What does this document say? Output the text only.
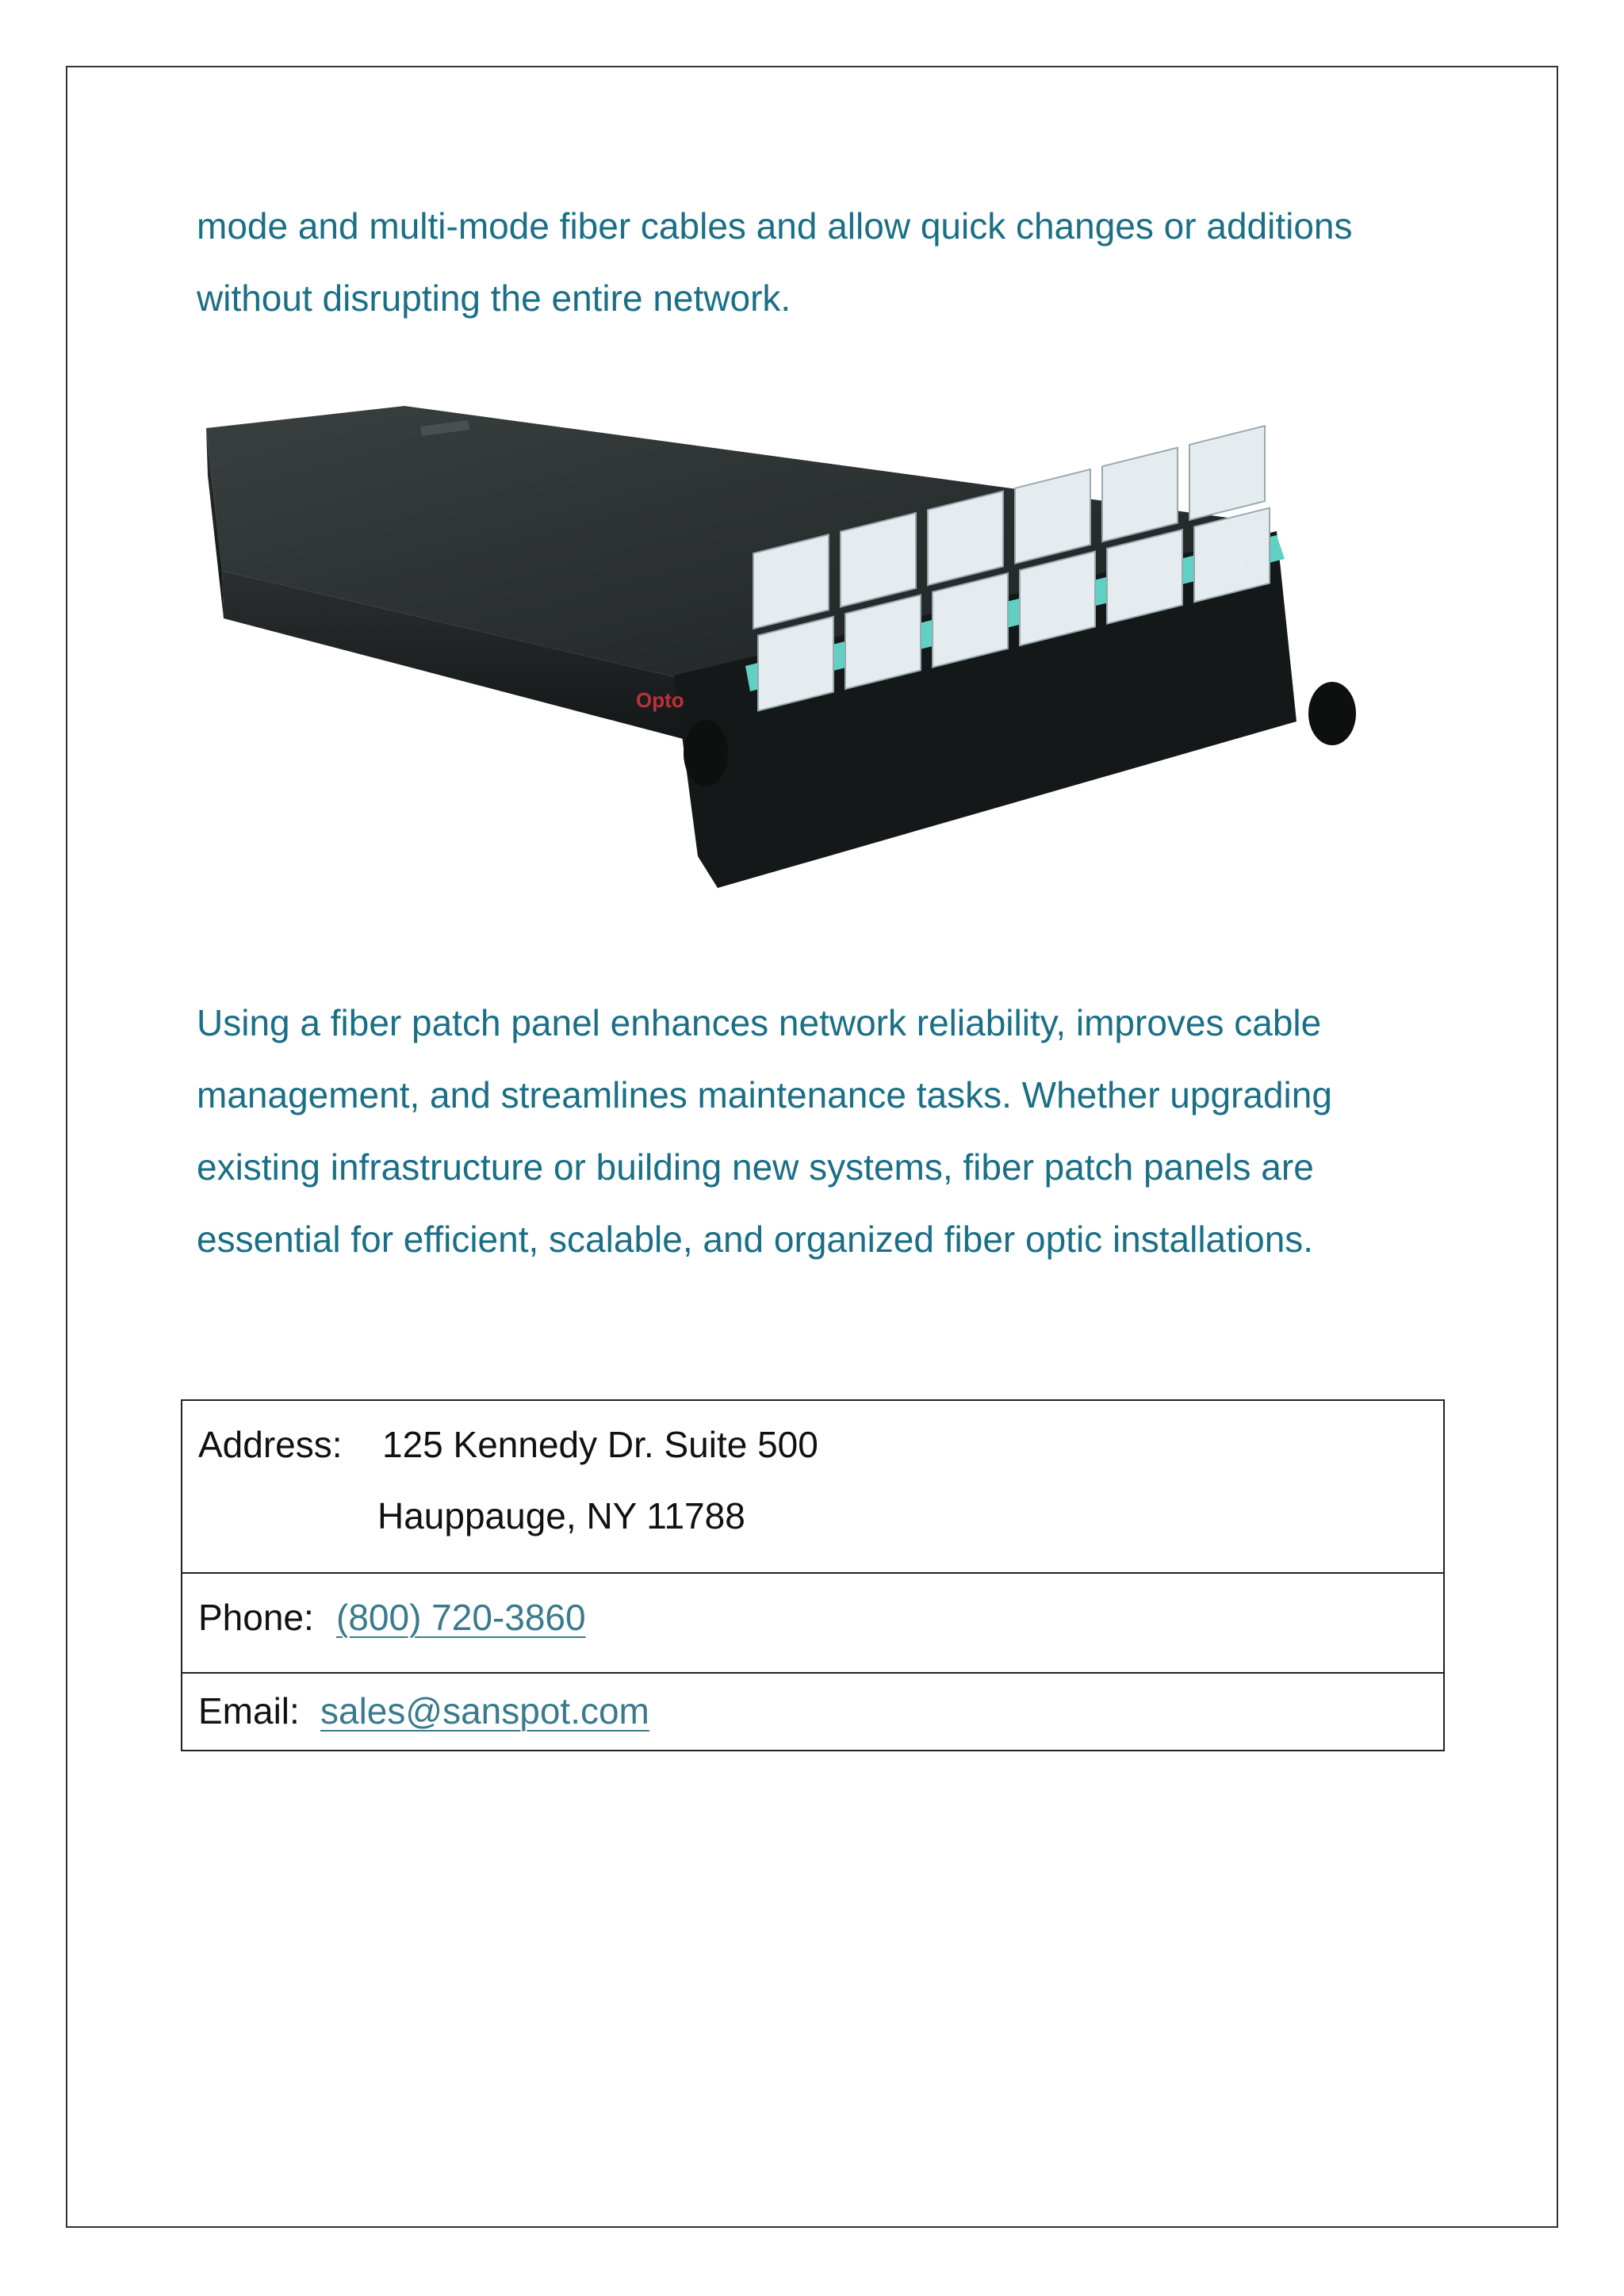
mode and multi-mode fiber cables and allow quick changes or additions without disrupting the entire network.

Opto
4
8
12
16
20
24

Using a fiber patch panel enhances network reliability, improves cable management, and streamlines maintenance tasks. Whether upgrading existing infrastructure or building new systems, fiber patch panels are essential for efficient, scalable, and organized fiber optic installations.

Address: 125 Kennedy Dr. Suite 500
Hauppauge, NY 11788
Phone: (800) 720-3860
Email: sales@sanspot.com
